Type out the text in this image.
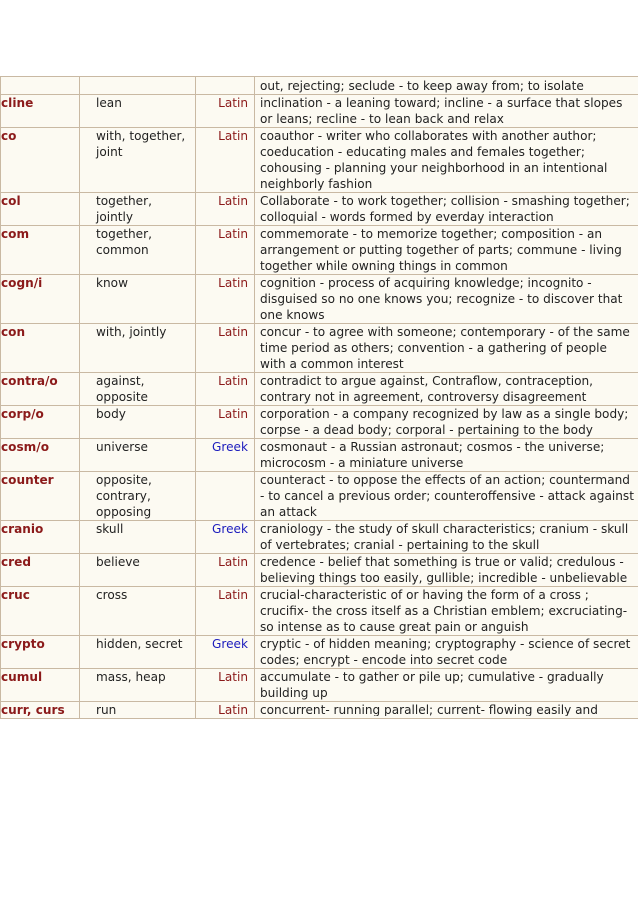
			out, rejecting; seclude - to keep away from; to isolate
cline	lean	Latin	inclination - a leaning toward; incline - a surface that slopes or leans; recline - to lean back and relax
co	with, together, joint	Latin	coauthor - writer who collaborates with another author; coeducation - educating males and females together; cohousing - planning your neighborhood in an intentional neighborly fashion
col	together, jointly	Latin	Collaborate - to work together; collision - smashing together; colloquial - words formed by everday interaction
com	together, common	Latin	commemorate - to memorize together; composition - an arrangement or putting together of parts; commune - living together while owning things in common
cogn/i	know	Latin	cognition - process of acquiring knowledge; incognito - disguised so no one knows you; recognize - to discover that one knows
con	with, jointly	Latin	concur - to agree with someone; contemporary - of the same time period as others; convention - a gathering of people with a common interest
contra/o	against, opposite	Latin	contradict to argue against, Contraflow, contraception, contrary not in agreement, controversy disagreement
corp/o	body	Latin	corporation - a company recognized by law as a single body; corpse - a dead body; corporal - pertaining to the body
cosm/o	universe	Greek	cosmonaut - a Russian astronaut; cosmos - the universe; microcosm - a miniature universe
counter	opposite, contrary, opposing		counteract - to oppose the effects of an action; countermand - to cancel a previous order; counteroffensive - attack against an attack
cranio	skull	Greek	craniology - the study of skull characteristics; cranium - skull of vertebrates; cranial - pertaining to the skull
cred	believe	Latin	credence - belief that something is true or valid; credulous - believing things too easily, gullible; incredible - unbelievable
cruc	cross	Latin	crucial-characteristic of or having the form of a cross ; crucifix- the cross itself as a Christian emblem; excruciating- so intense as to cause great pain or anguish
crypto	hidden, secret	Greek	cryptic - of hidden meaning; cryptography - science of secret codes; encrypt - encode into secret code
cumul	mass, heap	Latin	accumulate - to gather or pile up; cumulative - gradually building up
curr, curs	run	Latin	concurrent- running parallel; current- flowing easily and
